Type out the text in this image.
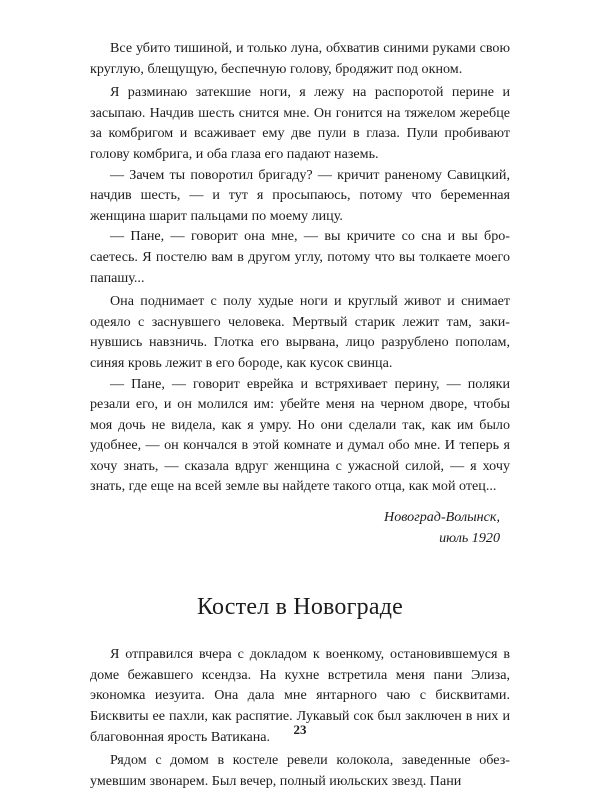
Все убито тишиной, и только луна, обхватив синими руками свою круглую, блещущую, беспечную голову, бродяжит под окном.

Я разминаю затекшие ноги, я лежу на распоротой перине и засыпаю. Начдив шесть снится мне. Он гонится на тяжелом жеребце за комбригом и всаживает ему две пули в глаза. Пули пробивают голову комбрига, и оба глаза его падают наземь.

— Зачем ты поворотил бригаду? — кричит раненому Савицкий, начдив шесть, — и тут я просыпаюсь, потому что беременная женщина шарит пальцами по моему лицу.

— Пане, — говорит она мне, — вы кричите со сна и вы бросаетесь. Я постелю вам в другом углу, потому что вы толкаете моего папашу...

Она поднимает с полу худые ноги и круглый живот и снимает одеяло с заснувшего человека. Мертвый старик лежит там, закинувшись навзничь. Глотка его вырвана, лицо разрублено пополам, синяя кровь лежит в его бороде, как кусок свинца.

— Пане, — говорит еврейка и встряхивает перину, — поляки резали его, и он молился им: убейте меня на черном дворе, чтобы моя дочь не видела, как я умру. Но они сделали так, как им было удобнее, — он кончался в этой комнате и думал обо мне. И теперь я хочу знать, — сказала вдруг женщина с ужасной силой, — я хочу знать, где еще на всей земле вы найдете такого отца, как мой отец...

Новоград-Волынск,
июль 1920
Костел в Новограде

Я отправился вчера с докладом к военкому, остановившемуся в доме бежавшего ксендза. На кухне встретила меня пани Элиза, экономка иезуита. Она дала мне янтарного чаю с бисквитами. Бисквиты ее пахли, как распятие. Лукавый сок был заключен в них и благовонная ярость Ватикана.

Рядом с домом в костеле ревели колокола, заведенные обезумевшим звонарем. Был вечер, полный июльских звезд. Пани

23
